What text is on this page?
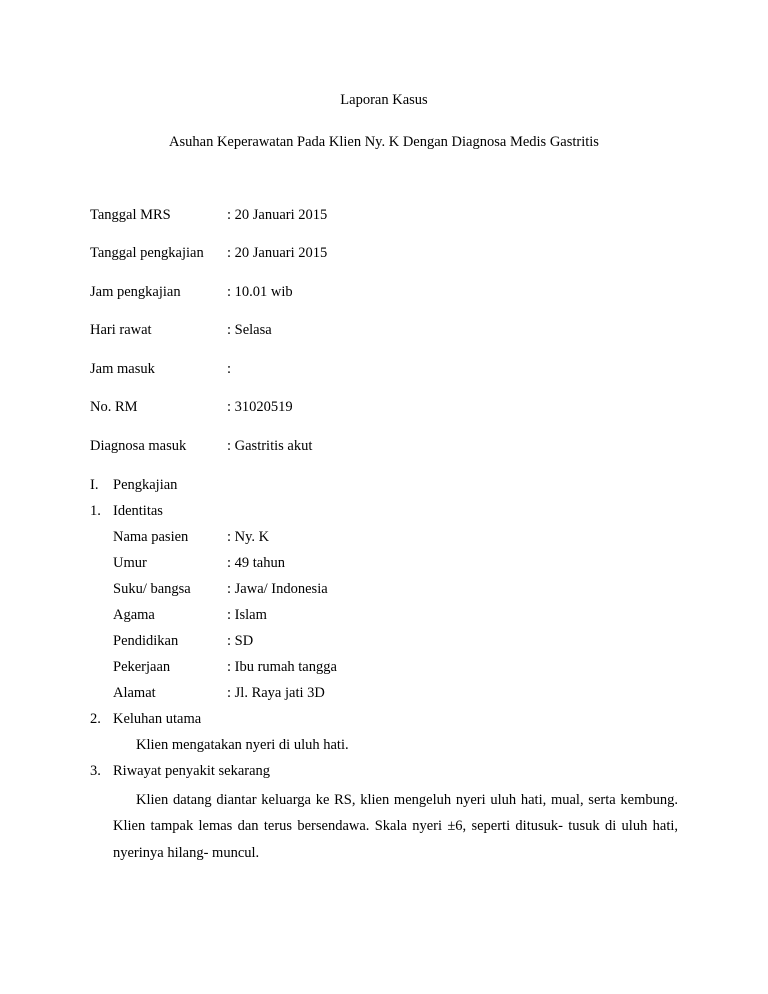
Laporan Kasus
Asuhan Keperawatan Pada Klien Ny. K Dengan Diagnosa Medis Gastritis
Tanggal MRS	: 20 Januari 2015
Tanggal pengkajian : 20 Januari 2015
Jam pengkajian	: 10.01 wib
Hari rawat	: Selasa
Jam masuk	:
No. RM	: 31020519
Diagnosa masuk	: Gastritis akut
I. Pengkajian
1. Identitas
Nama pasien	: Ny. K
Umur	: 49 tahun
Suku/ bangsa	: Jawa/ Indonesia
Agama	: Islam
Pendidikan	: SD
Pekerjaan	: Ibu rumah tangga
Alamat	: Jl. Raya jati 3D
2. Keluhan utama
Klien mengatakan nyeri di uluh hati.
3. Riwayat penyakit sekarang
Klien datang diantar keluarga ke RS, klien mengeluh nyeri uluh hati, mual, serta kembung. Klien tampak lemas dan terus bersendawa. Skala nyeri ±6, seperti ditusuk- tusuk di uluh hati, nyerinya hilang- muncul.
